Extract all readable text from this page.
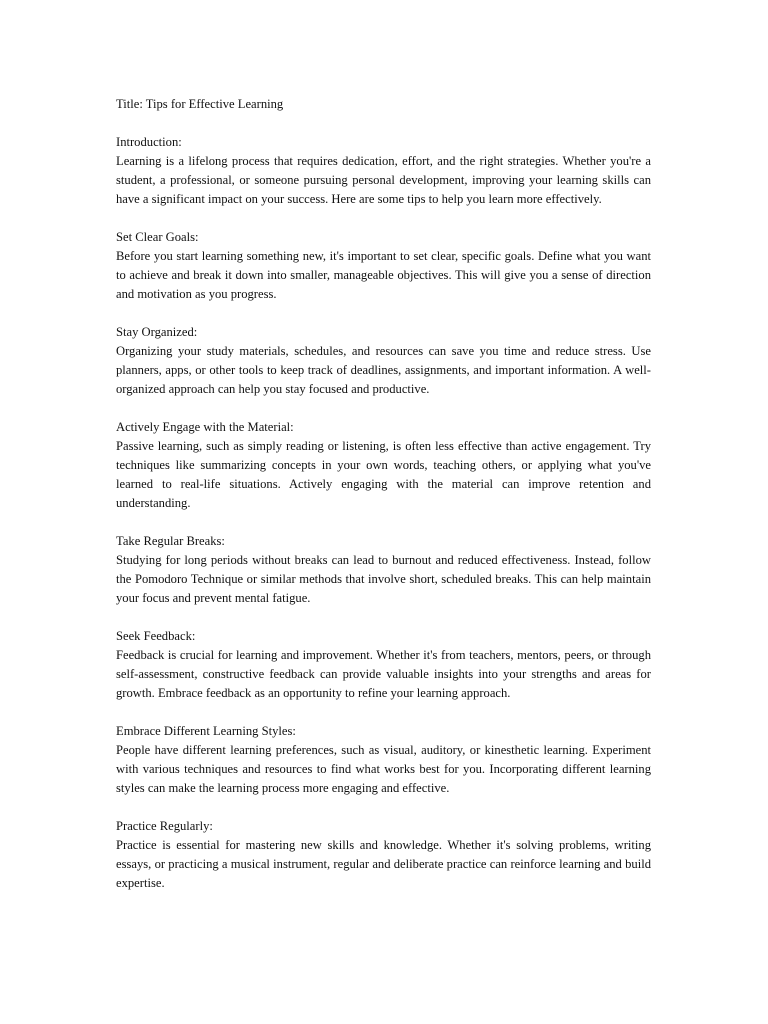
Title: Tips for Effective Learning

Introduction:

Learning is a lifelong process that requires dedication, effort, and the right strategies. Whether you're a student, a professional, or someone pursuing personal development, improving your learning skills can have a significant impact on your success. Here are some tips to help you learn more effectively.

Set Clear Goals:

Before you start learning something new, it's important to set clear, specific goals. Define what you want to achieve and break it down into smaller, manageable objectives. This will give you a sense of direction and motivation as you progress.

Stay Organized:

Organizing your study materials, schedules, and resources can save you time and reduce stress. Use planners, apps, or other tools to keep track of deadlines, assignments, and important information. A well-organized approach can help you stay focused and productive.

Actively Engage with the Material:

Passive learning, such as simply reading or listening, is often less effective than active engagement. Try techniques like summarizing concepts in your own words, teaching others, or applying what you've learned to real-life situations. Actively engaging with the material can improve retention and understanding.

Take Regular Breaks:

Studying for long periods without breaks can lead to burnout and reduced effectiveness. Instead, follow the Pomodoro Technique or similar methods that involve short, scheduled breaks. This can help maintain your focus and prevent mental fatigue.

Seek Feedback:

Feedback is crucial for learning and improvement. Whether it's from teachers, mentors, peers, or through self-assessment, constructive feedback can provide valuable insights into your strengths and areas for growth. Embrace feedback as an opportunity to refine your learning approach.

Embrace Different Learning Styles:

People have different learning preferences, such as visual, auditory, or kinesthetic learning. Experiment with various techniques and resources to find what works best for you. Incorporating different learning styles can make the learning process more engaging and effective.

Practice Regularly:

Practice is essential for mastering new skills and knowledge. Whether it's solving problems, writing essays, or practicing a musical instrument, regular and deliberate practice can reinforce learning and build expertise.
